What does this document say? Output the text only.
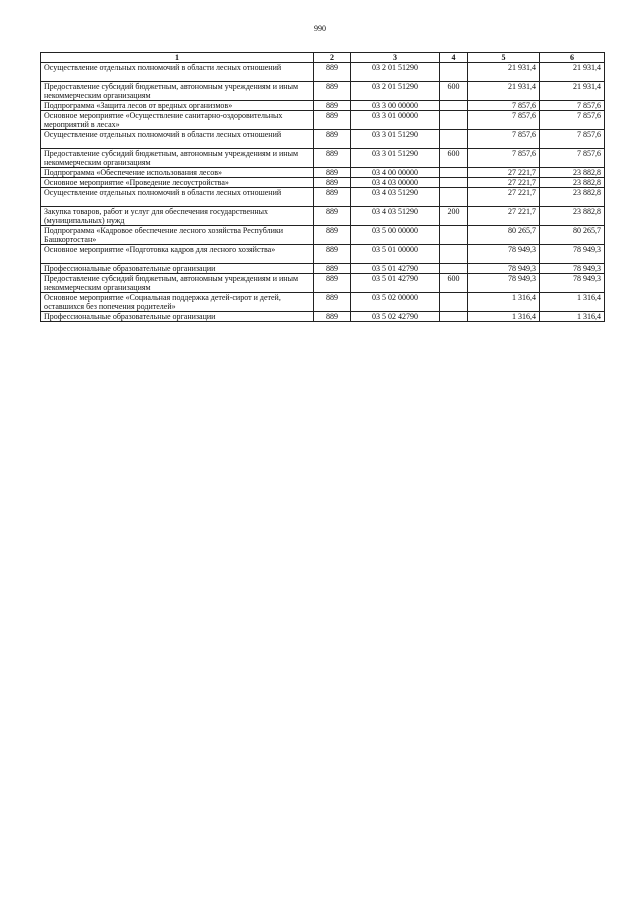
990
1	2	3	4	5	6
Осуществление отдельных полномочий в области лесных отношений	889	03 2 01 51290		21 931,4	21 931,4
Предоставление субсидий бюджетным, автономным учреждениям и иным некоммерческим организациям	889	03 2 01 51290	600	21 931,4	21 931,4
Подпрограмма «Защита лесов от вредных организмов»	889	03 3 00 00000		7 857,6	7 857,6
Основное мероприятие «Осуществление санитарно-оздоровительных мероприятий в лесах»	889	03 3 01 00000		7 857,6	7 857,6
Осуществление отдельных полномочий в области лесных отношений	889	03 3 01 51290		7 857,6	7 857,6
Предоставление субсидий бюджетным, автономным учреждениям и иным некоммерческим организациям	889	03 3 01 51290	600	7 857,6	7 857,6
Подпрограмма «Обеспечение использования лесов»	889	03 4 00 00000		27 221,7	23 882,8
Основное мероприятие «Проведение лесоустройства»	889	03 4 03 00000		27 221,7	23 882,8
Осуществление отдельных полномочий в области лесных отношений	889	03 4 03 51290		27 221,7	23 882,8
Закупка товаров, работ и услуг для обеспечения государственных (муниципальных) нужд	889	03 4 03 51290	200	27 221,7	23 882,8
Подпрограмма «Кадровое обеспечение лесного хозяйства Республики Башкортостан»	889	03 5 00 00000		80 265,7	80 265,7
Основное мероприятие «Подготовка кадров для лесного хозяйства»	889	03 5 01 00000		78 949,3	78 949,3
Профессиональные образовательные организации	889	03 5 01 42790		78 949,3	78 949,3
Предоставление субсидий бюджетным, автономным учреждениям и иным некоммерческим организациям	889	03 5 01 42790	600	78 949,3	78 949,3
Основное мероприятие «Социальная поддержка детей-сирот и детей, оставшихся без попечения родителей»	889	03 5 02 00000		1 316,4	1 316,4
Профессиональные образовательные организации	889	03 5 02 42790		1 316,4	1 316,4
